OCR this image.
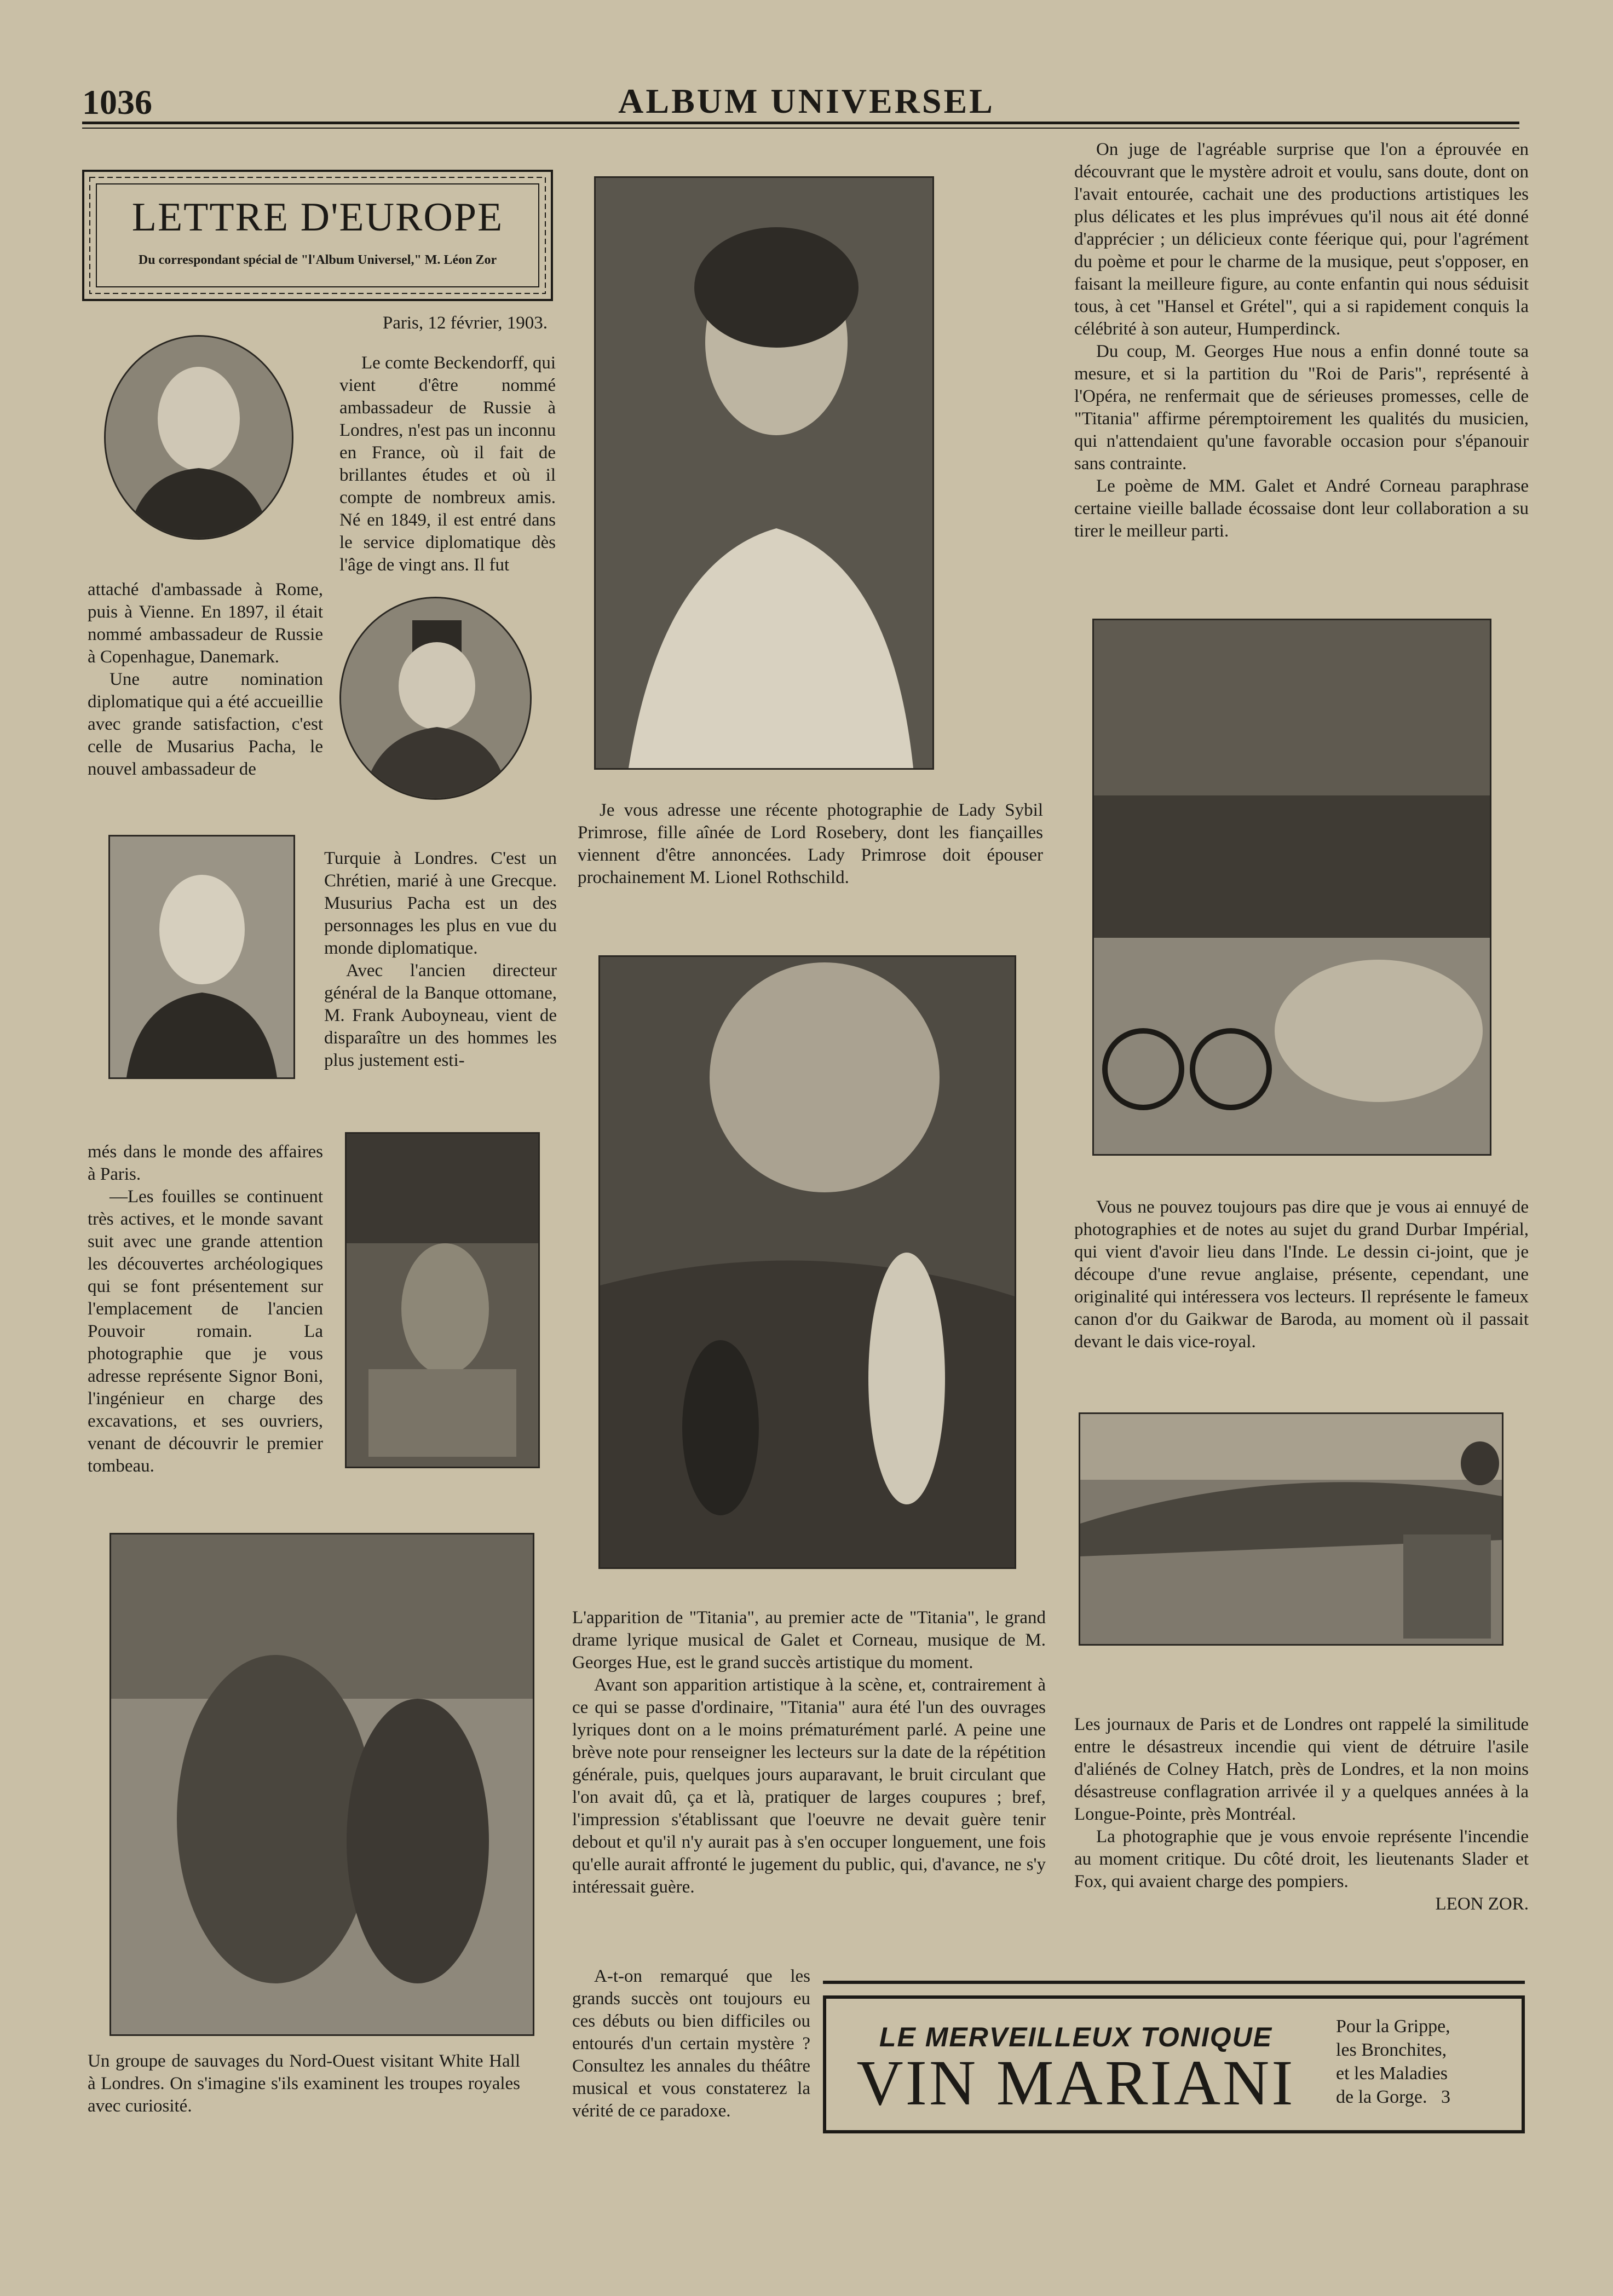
1036	ALBUM UNIVERSEL
LETTRE D'EUROPE
Du correspondant spécial de "l'Album Universel," M. Léon Zor
Paris, 12 février, 1903.

Le comte Beckendorff, qui vient d'être nommé ambassadeur de Russie à Londres, n'est pas un inconnu en France, où il fait de brillantes études et où il compte de nombreux amis. Né en 1849, il est entré dans le service diplomatique dès l'âge de vingt ans. Il fut

attaché d'ambassade à Rome, puis à Vienne. En 1897, il était nommé ambassadeur de Russie à Copenhague, Danemark.

Une autre nomination diplomatique qui a été accueillie avec grande satisfaction, c'est celle de Musarius Pacha, le nouvel ambassadeur de

Turquie à Londres. C'est un Chrétien, marié à une Grecque. Musurius Pacha est un des personnages les plus en vue du monde diplomatique.

Avec l'ancien directeur général de la Banque ottomane, M. Frank Auboyneau, vient de disparaître un des hommes les plus justement esti-

més dans le monde des affaires à Paris.

—Les fouilles se continuent très actives, et le monde savant suit avec une grande attention les découvertes archéologiques qui se font présentement sur l'emplacement de l'ancien Pouvoir romain. La photographie que je vous adresse représente Signor Boni, l'ingénieur en charge des excavations, et ses ouvriers, venant de découvrir le premier tombeau.

Un groupe de sauvages du Nord-Ouest visitant White Hall à Londres. On s'imagine s'ils examinent les troupes royales avec curiosité.

Je vous adresse une récente photographie de Lady Sybil Primrose, fille aînée de Lord Rosebery, dont les fiançailles viennent d'être annoncées. Lady Primrose doit épouser prochainement M. Lionel Rothschild.

L'apparition de "Titania", au premier acte de "Titania", le grand drame lyrique musical de Galet et Corneau, musique de M. Georges Hue, est le grand succès artistique du moment.

Avant son apparition artistique à la scène, et, contrairement à ce qui se passe d'ordinaire, "Titania" aura été l'un des ouvrages lyriques dont on a le moins prématurément parlé. A peine une brève note pour renseigner les lecteurs sur la date de la répétition générale, puis, quelques jours auparavant, le bruit circulant que l'on avait dû, ça et là, pratiquer de larges coupures ; bref, l'impression s'établissant que l'oeuvre ne devait guère tenir debout et qu'il n'y aurait pas à s'en occuper longuement, une fois qu'elle aurait affronté le jugement du public, qui, d'avance, ne s'y intéressait guère.

A-t-on remarqué que les grands succès ont toujours eu ces débuts ou bien difficiles ou entourés d'un certain mystère ? Consultez les annales du théâtre musical et vous constaterez la vérité de ce paradoxe.

On juge de l'agréable surprise que l'on a éprouvée en découvrant que le mystère adroit et voulu, sans doute, dont on l'avait entourée, cachait une des productions artistiques les plus délicates et les plus imprévues qu'il nous ait été donné d'apprécier ; un délicieux conte féerique qui, pour l'agrément du poème et pour le charme de la musique, peut s'opposer, en faisant la meilleure figure, au conte enfantin qui nous séduisit tous, à cet "Hansel et Grétel", qui a si rapidement conquis la célébrité à son auteur, Humperdinck.

Du coup, M. Georges Hue nous a enfin donné toute sa mesure, et si la partition du "Roi de Paris", représenté à l'Opéra, ne renfermait que de sérieuses promesses, celle de "Titania" affirme péremptoirement les qualités du musicien, qui n'attendaient qu'une favorable occasion pour s'épanouir sans contrainte.

Le poème de MM. Galet et André Corneau paraphrase certaine vieille ballade écossaise dont leur collaboration a su tirer le meilleur parti.

Vous ne pouvez toujours pas dire que je vous ai ennuyé de photographies et de notes au sujet du grand Durbar Impérial, qui vient d'avoir lieu dans l'Inde. Le dessin ci-joint, que je découpe d'une revue anglaise, présente, cependant, une originalité qui intéressera vos lecteurs. Il représente le fameux canon d'or du Gaikwar de Baroda, au moment où il passait devant le dais vice-royal.

Les journaux de Paris et de Londres ont rappelé la similitude entre le désastreux incendie qui vient de détruire l'asile d'aliénés de Colney Hatch, près de Londres, et la non moins désastreuse conflagration arrivée il y a quelques années à la Longue-Pointe, près Montréal.

La photographie que je vous envoie représente l'incendie au moment critique. Du côté droit, les lieutenants Slader et Fox, qui avaient charge des pompiers.

LEON ZOR.

LE MERVEILLEUX TONIQUE
VIN MARIANI
Pour la Grippe,
les Bronchites,
et les Maladies
de la Gorge. 3
